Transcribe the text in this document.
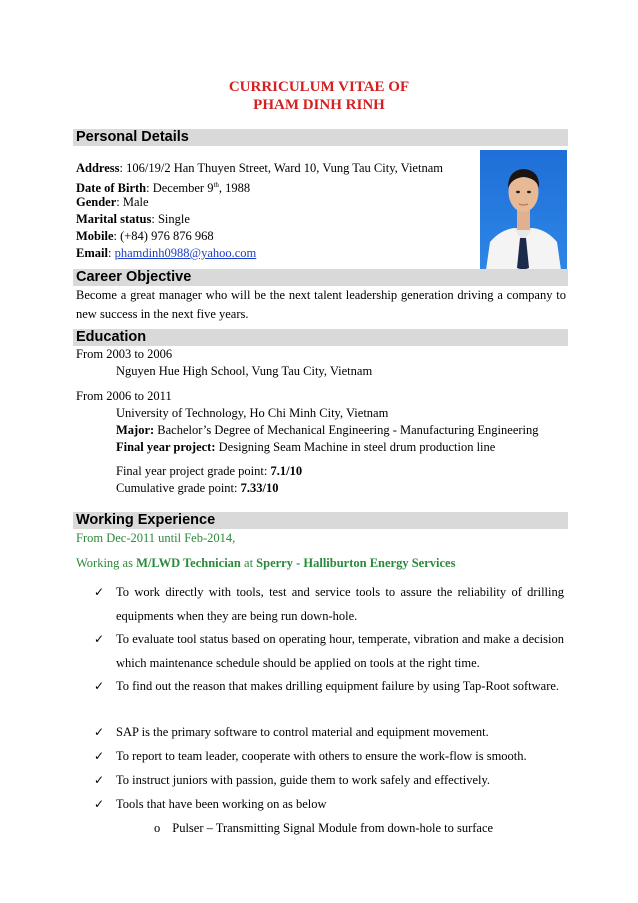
CURRICULUM VITAE OF
PHAM DINH RINH
Personal Details
Address: 106/19/2 Han Thuyen Street, Ward 10, Vung Tau City, Vietnam
Date of Birth: December 9th, 1988
Gender: Male
Marital status: Single
Mobile: (+84) 976 876 968
Email: phamdinh0988@yahoo.com
Career Objective
Become a great manager who will be the next talent leadership generation driving a company to new success in the next five years.
Education
From 2003 to 2006
Nguyen Hue High School, Vung Tau City, Vietnam
From 2006 to 2011
University of Technology, Ho Chi Minh City, Vietnam
Major: Bachelor’s Degree of Mechanical Engineering - Manufacturing Engineering
Final year project: Designing Seam Machine in steel drum production line
Final year project grade point: 7.1/10
Cumulative grade point: 7.33/10
Working Experience
From Dec-2011 until Feb-2014,
Working as M/LWD Technician at Sperry - Halliburton Energy Services
✓ To work directly with tools, test and service tools to assure the reliability of drilling equipments when they are being run down-hole.
✓ To evaluate tool status based on operating hour, temperate, vibration and make a decision which maintenance schedule should be applied on tools at the right time.
✓ To find out the reason that makes drilling equipment failure by using Tap-Root software.
✓ SAP is the primary software to control material and equipment movement.
✓ To report to team leader, cooperate with others to ensure the work-flow is smooth.
✓ To instruct juniors with passion, guide them to work safely and effectively.
✓ Tools that have been working on as below
o Pulser – Transmitting Signal Module from down-hole to surface
